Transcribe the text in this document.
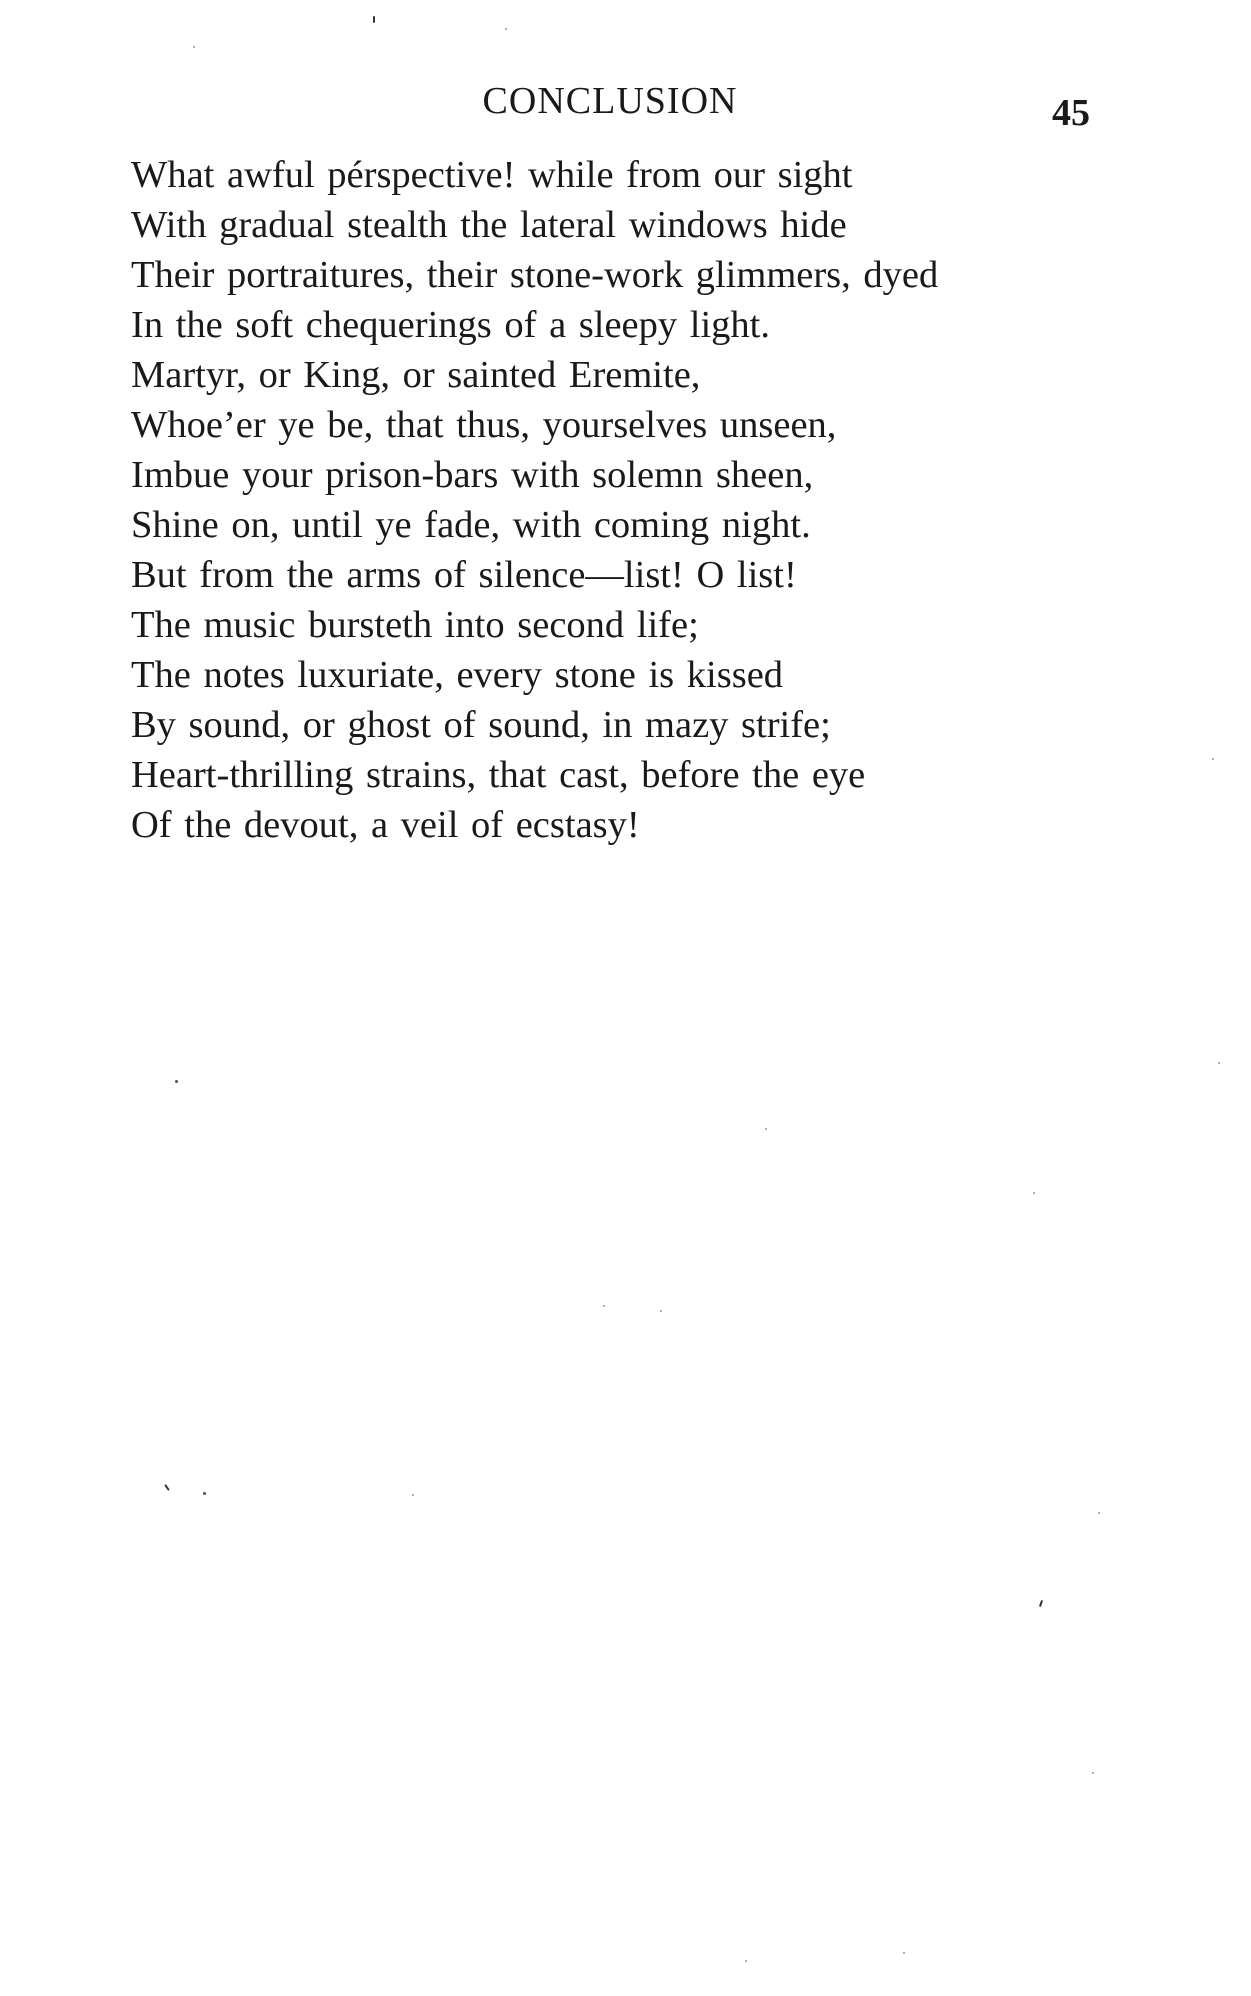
CONCLUSION	45
What awful pérspective! while from our sight
With gradual stealth the lateral windows hide
Their portraitures, their stone-work glimmers, dyed
In the soft chequerings of a sleepy light.
Martyr, or King, or sainted Eremite,
Whoe’er ye be, that thus, yourselves unseen,
Imbue your prison-bars with solemn sheen,
Shine on, until ye fade, with coming night.
But from the arms of silence—list! O list!
The music bursteth into second life;
The notes luxuriate, every stone is kissed
By sound, or ghost of sound, in mazy strife;
Heart-thrilling strains, that cast, before the eye
Of the devout, a veil of ecstasy!
